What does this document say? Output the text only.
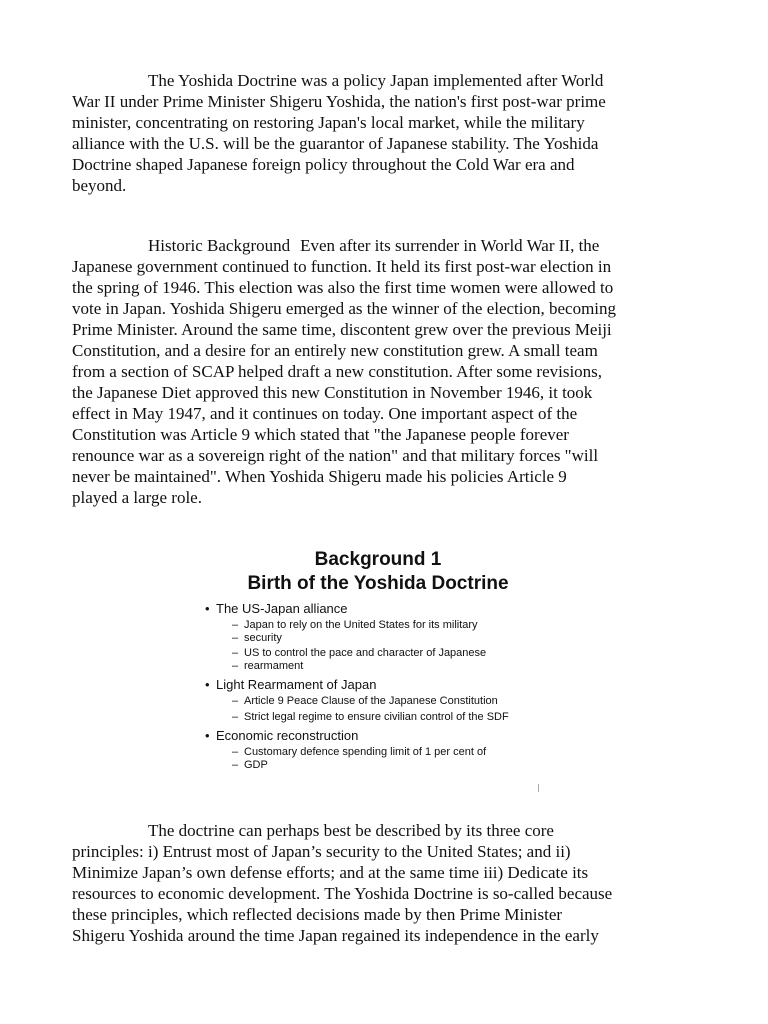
The Yoshida Doctrine was a policy Japan implemented after World
War II under Prime Minister Shigeru Yoshida, the nation's first post-war prime
minister, concentrating on restoring Japan's local market, while the military
alliance with the U.S. will be the guarantor of Japanese stability. The Yoshida
Doctrine shaped Japanese foreign policy throughout the Cold War era and
beyond.

Historic Background Even after its surrender in World War II, the
Japanese government continued to function. It held its first post-war election in
the spring of 1946. This election was also the first time women were allowed to
vote in Japan. Yoshida Shigeru emerged as the winner of the election, becoming
Prime Minister. Around the same time, discontent grew over the previous Meiji
Constitution, and a desire for an entirely new constitution grew. A small team
from a section of SCAP helped draft a new constitution. After some revisions,
the Japanese Diet approved this new Constitution in November 1946, it took
effect in May 1947, and it continues on today. One important aspect of the
Constitution was Article 9 which stated that "the Japanese people forever
renounce war as a sovereign right of the nation" and that military forces "will
never be maintained". When Yoshida Shigeru made his policies Article 9
played a large role.

Background 1
Birth of the Yoshida Doctrine
• The US-Japan alliance
– Japan to rely on the United States for its military
– security
– US to control the pace and character of Japanese
– rearmament
• Light Rearmament of Japan
– Article 9 Peace Clause of the Japanese Constitution
– Strict legal regime to ensure civilian control of the SDF
• Economic reconstruction
– Customary defence spending limit of 1 per cent of
– GDP

The doctrine can perhaps best be described by its three core
principles: i) Entrust most of Japan’s security to the United States; and ii)
Minimize Japan’s own defense efforts; and at the same time iii) Dedicate its
resources to economic development. The Yoshida Doctrine is so-called because
these principles, which reflected decisions made by then Prime Minister
Shigeru Yoshida around the time Japan regained its independence in the early
